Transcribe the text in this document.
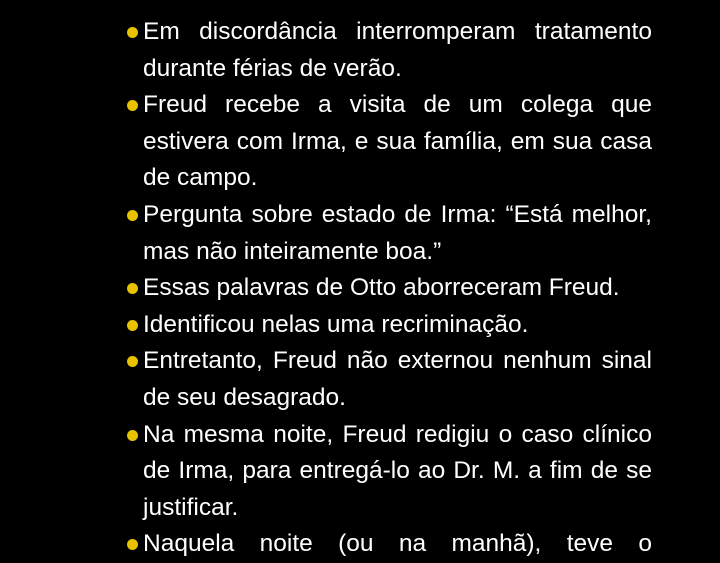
Em discordância interromperam tratamento durante férias de verão.
Freud recebe a visita de um colega que estivera com Irma, e sua família, em sua casa de campo.
Pergunta sobre estado de Irma: “Está melhor, mas não inteiramente boa.”
Essas palavras de Otto aborreceram Freud.
Identificou nelas uma recriminação.
Entretanto, Freud não externou nenhum sinal de seu desagrado.
Na mesma noite, Freud redigiu o caso clínico de Irma, para entregá-lo ao Dr. M. a fim de se justificar.
Naquela noite (ou na manhã), teve o
